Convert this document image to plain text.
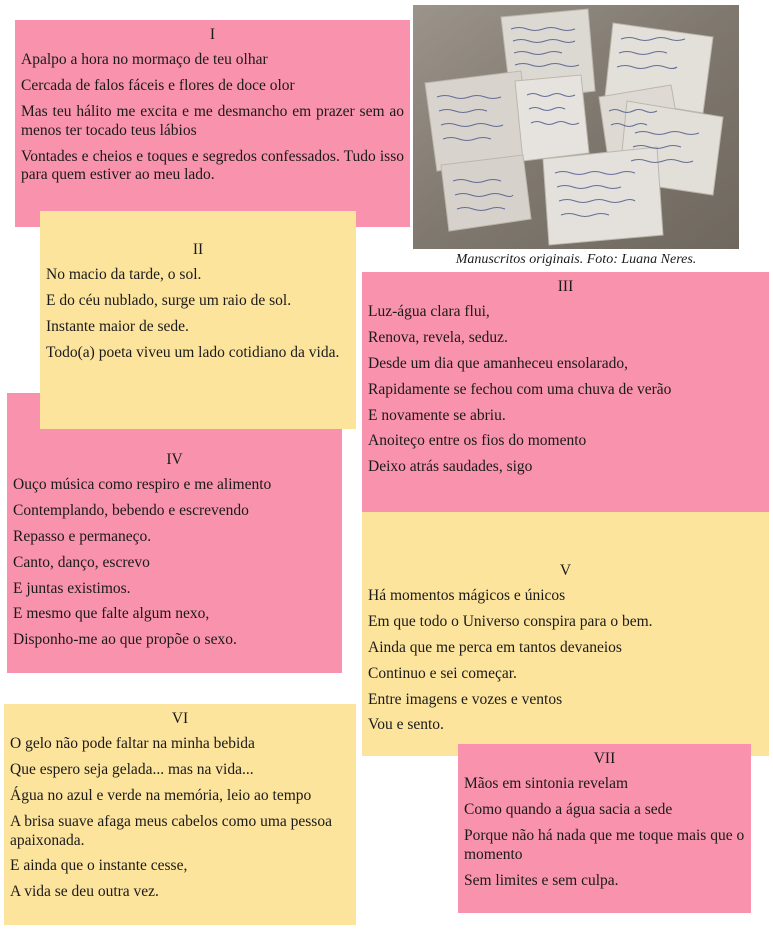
Manuscritos originais. Foto: Luana Neres.
I

Apalpo a hora no mormaço de teu olhar

Cercada de falos fáceis e flores de doce olor

Mas teu hálito me excita e me desmancho em prazer sem ao menos ter tocado teus lábios

Vontades e cheios e toques e segredos confessados. Tudo isso para quem estiver ao meu lado.

II

No macio da tarde, o sol.

E do céu nublado, surge um raio de sol.

Instante maior de sede.

Todo(a) poeta viveu um lado cotidiano da vida.

III

Luz-água clara flui,

Renova, revela, seduz.

Desde um dia que amanheceu ensolarado,

Rapidamente se fechou com uma chuva de verão

E novamente se abriu.

Anoiteço entre os fios do momento

Deixo atrás saudades, sigo

IV

Ouço música como respiro e me alimento

Contemplando, bebendo e escrevendo

Repasso e permaneço.

Canto, danço, escrevo

E juntas existimos.

E mesmo que falte algum nexo,

Disponho-me ao que propõe o sexo.

V

Há momentos mágicos e únicos

Em que todo o Universo conspira para o bem.

Ainda que me perca em tantos devaneios

Continuo e sei começar.

Entre imagens e vozes e ventos

Vou e sento.

VI

O gelo não pode faltar na minha bebida

Que espero seja gelada... mas na vida...

Água no azul e verde na memória, leio ao tempo

A brisa suave afaga meus cabelos como uma pessoa apaixonada.

E ainda que o instante cesse,

A vida se deu outra vez.

VII

Mãos em sintonia revelam

Como quando a água sacia a sede

Porque não há nada que me toque mais que o momento

Sem limites e sem culpa.
